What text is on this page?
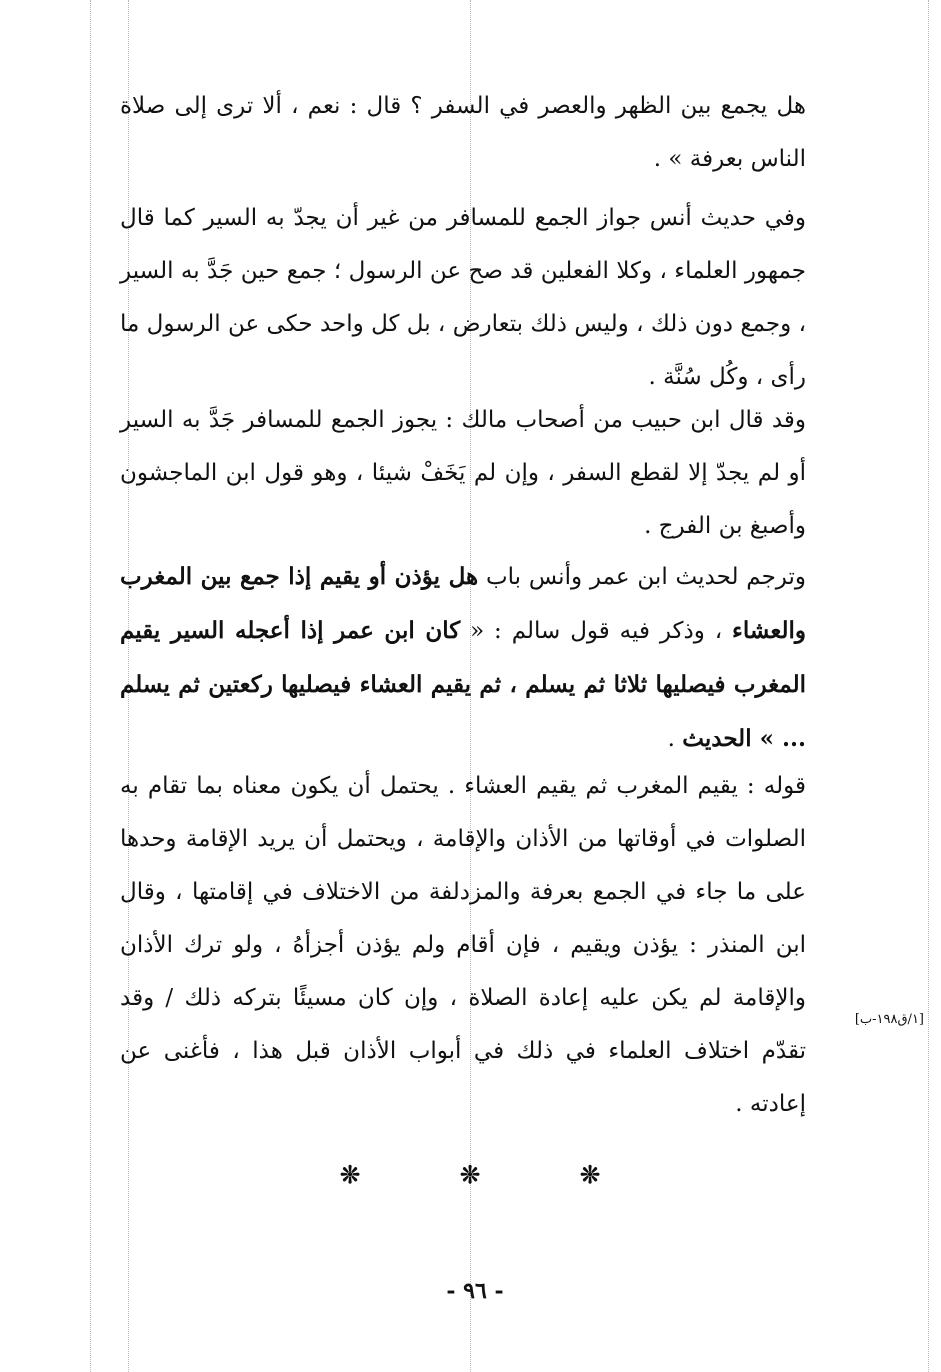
هل يجمع بين الظهر والعصر في السفر ؟ قال : نعم ، ألا ترى إلى صلاة الناس بعرفة » .

وفي حديث أنس جواز الجمع للمسافر من غير أن يجدّ به السير كما قال جمهور العلماء ، وكلا الفعلين قد صح عن الرسول ؛ جمع حين جَدَّ به السير ، وجمع دون ذلك ، وليس ذلك بتعارض ، بل كل واحد حكى عن الرسول ما رأى ، وكُل سُنَّة .

وقد قال ابن حبيب من أصحاب مالك : يجوز الجمع للمسافر جَدَّ به السير أو لم يجدّ إلا لقطع السفر ، وإن لم يَخَفْ شيئا ، وهو قول ابن الماجشون وأصبغ بن الفرج .

وترجم لحديث ابن عمر وأنس باب هل يؤذن أو يقيم إذا جمع بين المغرب والعشاء ، وذكر فيه قول سالم : « كان ابن عمر إذا أعجله السير يقيم المغرب فيصليها ثلاثا ثم يسلم ، ثم يقيم العشاء فيصليها ركعتين ثم يسلم ... » الحديث .

قوله : يقيم المغرب ثم يقيم العشاء . يحتمل أن يكون معناه بما تقام به الصلوات في أوقاتها من الأذان والإقامة ، ويحتمل أن يريد الإقامة وحدها على ما جاء في الجمع بعرفة والمزدلفة من الاختلاف في إقامتها ، وقال ابن المنذر : يؤذن ويقيم ، فإن أقام ولم يؤذن أجزأهُ ، ولو ترك الأذان والإقامة لم يكن عليه إعادة الصلاة ، وإن كان مسيئًا بتركه ذلك / وقد تقدّم اختلاف العلماء في ذلك في أبواب الأذان قبل هذا ، فأغنى عن إعادته .

[١/ق١٩٨-ب]
❊	❊	❊
- ٩٦ -
